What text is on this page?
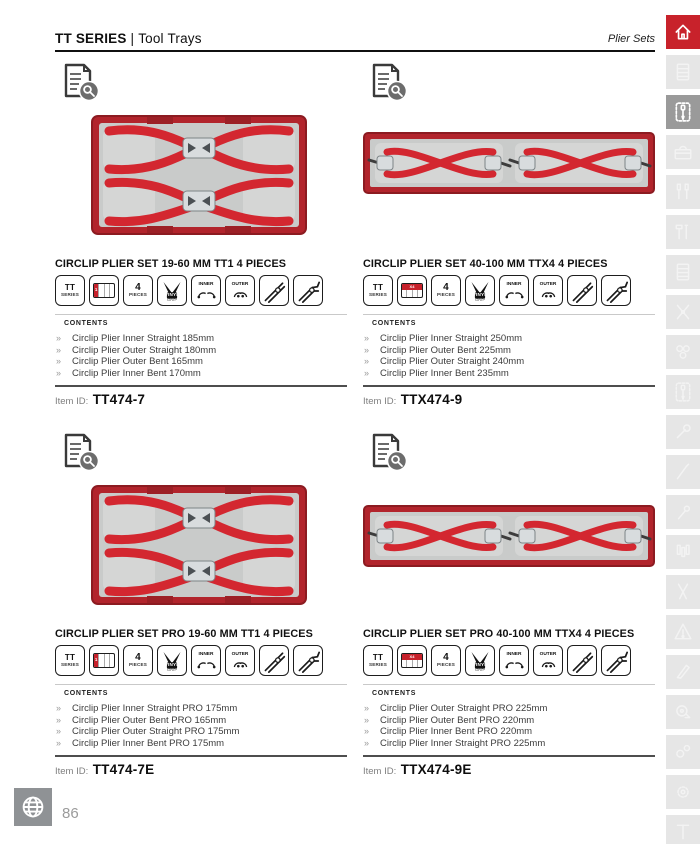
TT SERIES | Tool Trays	Plier Sets
86
CIRCLIP PLIER SET 19-60 MM TT1 4 PIECES
TT
SERIES
1	4
PIECES	VINYL
GRIP
INNER	OUTER
CONTENTS
» Circlip Plier Inner Straight 185mm
» Circlip Plier Outer Straight 180mm
» Circlip Plier Outer Bent 165mm
» Circlip Plier Inner Bent 170mm
Item ID: TT474-7
CIRCLIP PLIER SET 40-100 MM TTX4 4 PIECES
TT
SERIES
X4	4
PIECES	VINYL
GRIP
INNER	OUTER
CONTENTS
» Circlip Plier Inner Straight 250mm
» Circlip Plier Outer Bent 225mm
» Circlip Plier Outer Straight 240mm
» Circlip Plier Inner Bent 235mm
Item ID: TTX474-9
CIRCLIP PLIER SET PRO 19-60 MM TT1 4 PIECES
TT
SERIES
1	4
PIECES	VINYL
GRIP
INNER	OUTER
CONTENTS
» Circlip Plier Inner Straight PRO 175mm
» Circlip Plier Outer Bent PRO 165mm
» Circlip Plier Outer Straight PRO 175mm
» Circlip Plier Inner Bent PRO 175mm
Item ID: TT474-7E
CIRCLIP PLIER SET PRO 40-100 MM TTX4 4 PIECES
TT
SERIES
X4	4
PIECES	VINYL
GRIP
INNER	OUTER
CONTENTS
» Circlip Plier Outer Straight PRO 225mm
» Circlip Plier Outer Bent PRO 220mm
» Circlip Plier Inner Bent PRO 220mm
» Circlip Plier Inner Straight PRO 225mm
Item ID: TTX474-9E
